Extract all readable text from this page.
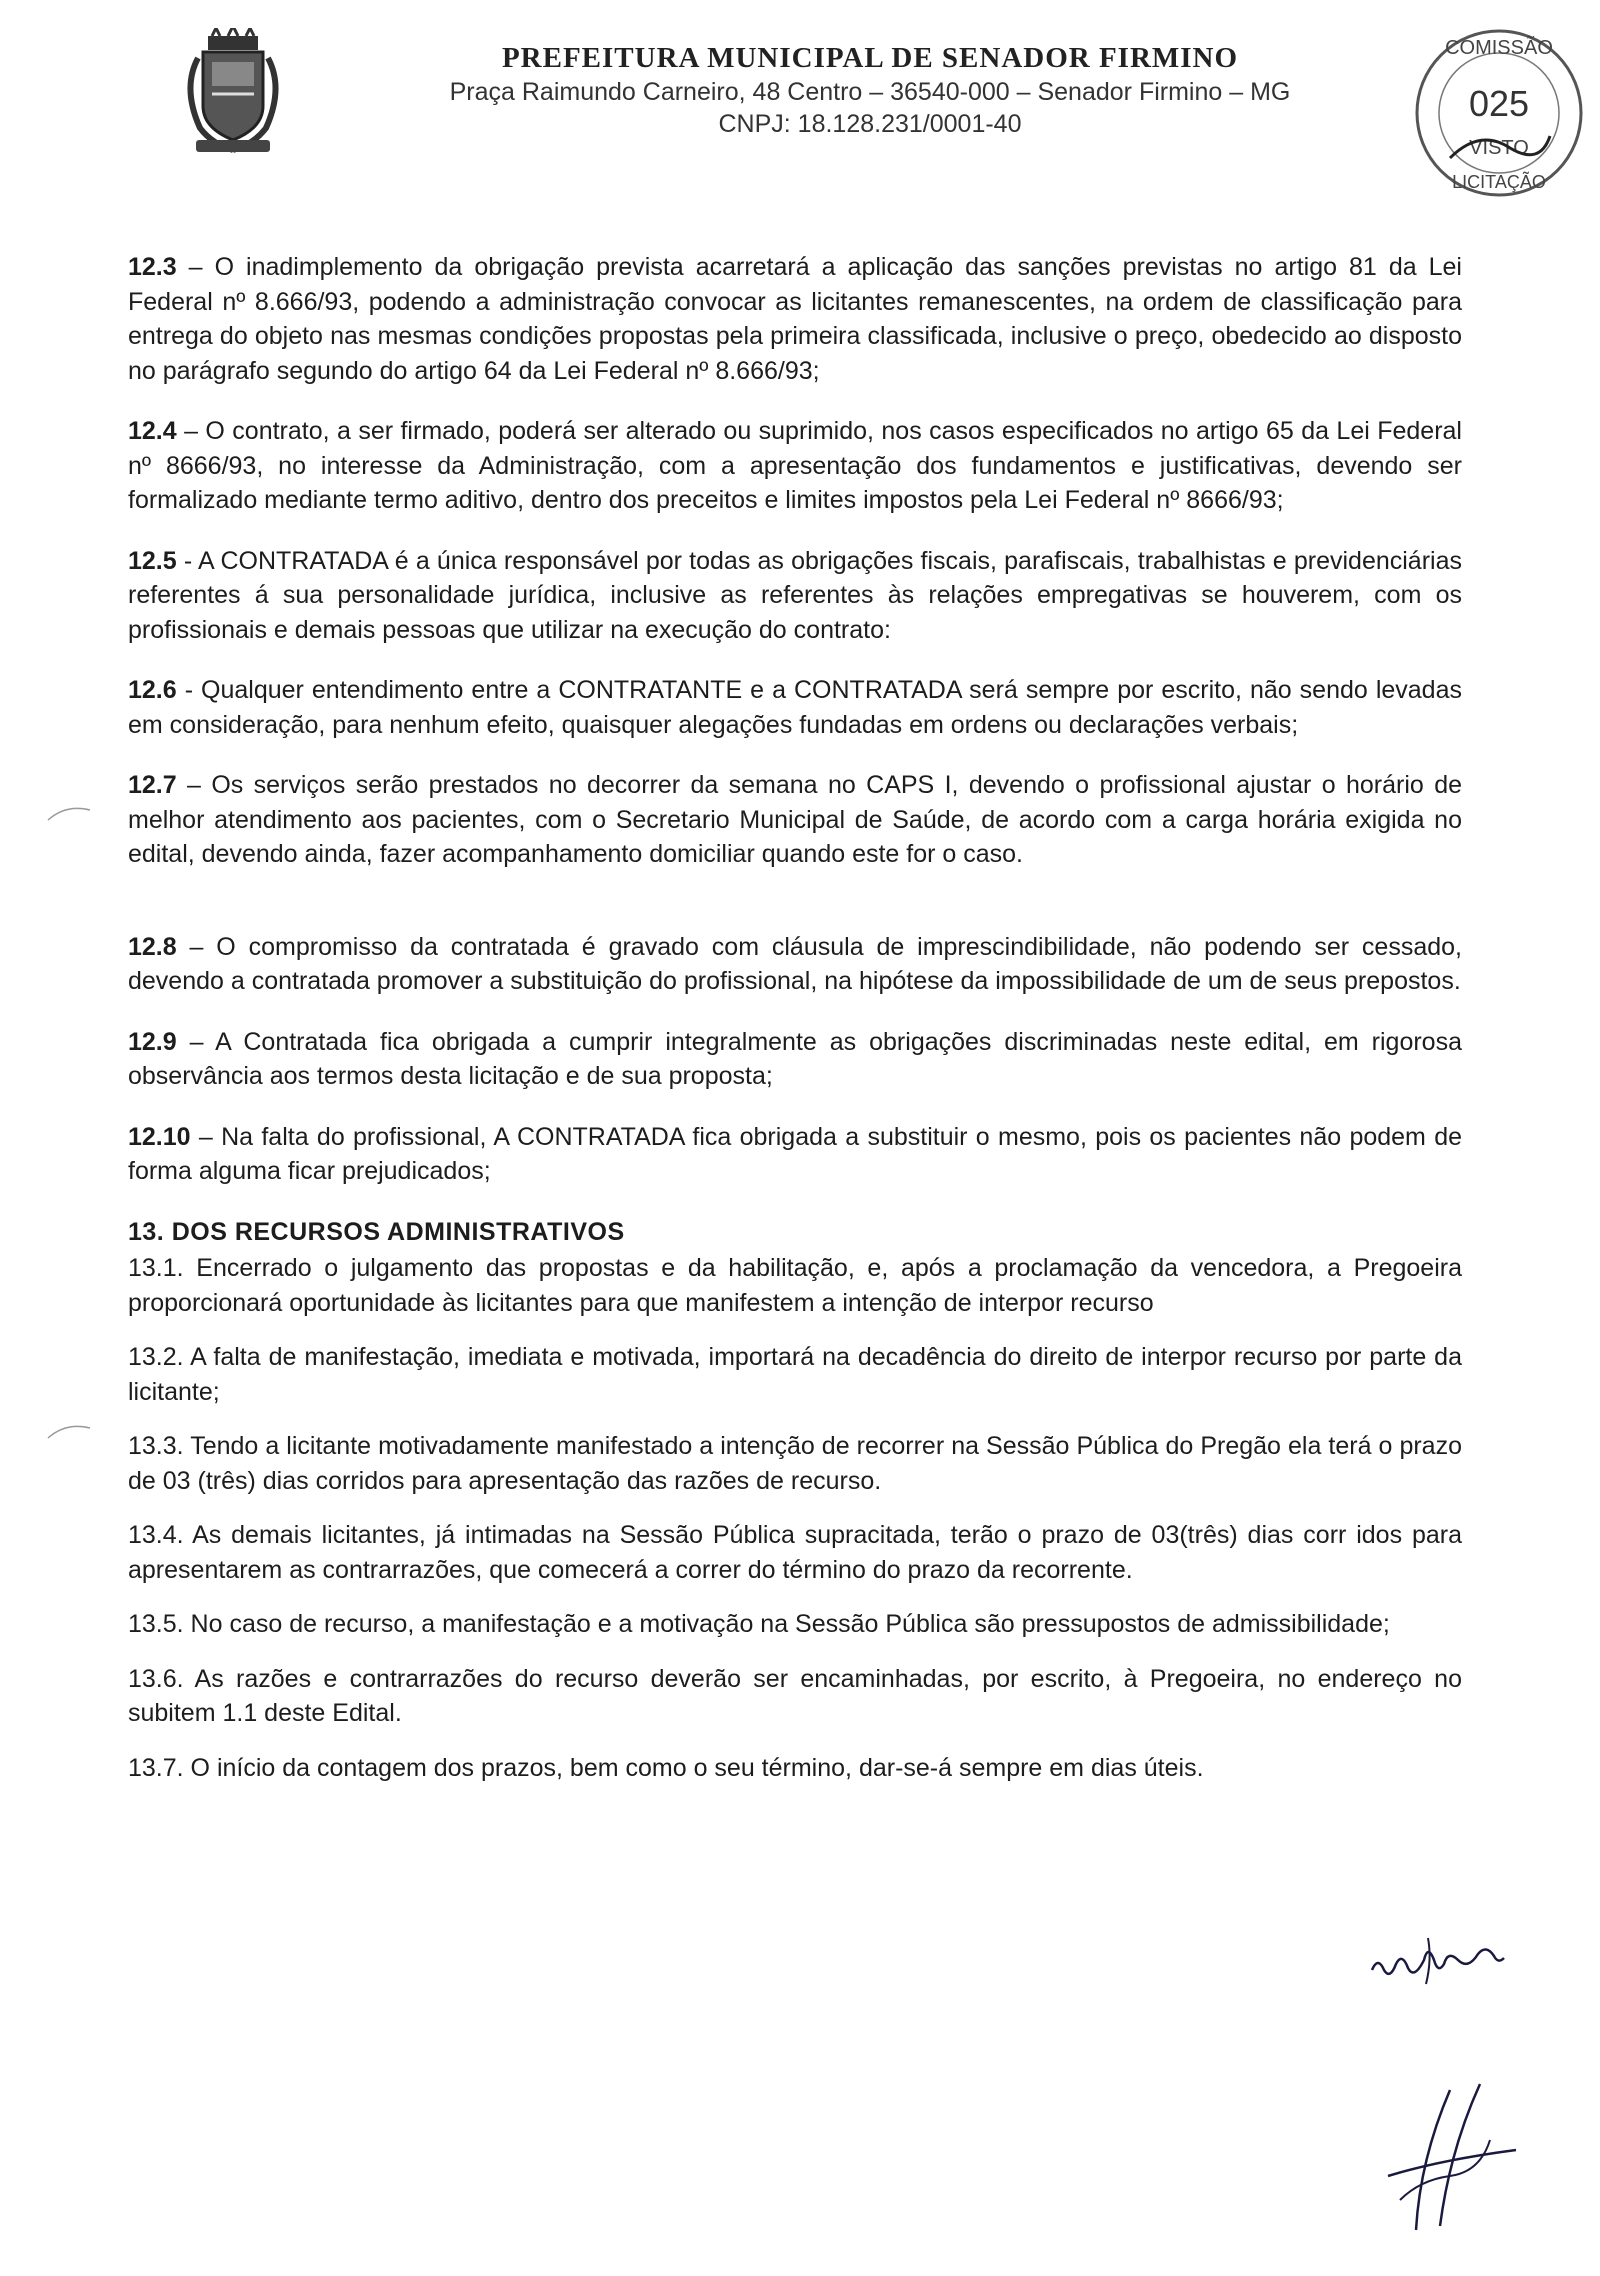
PREFEITURA MUNICIPAL DE SENADOR FIRMINO
Praça Raimundo Carneiro, 48 Centro – 36540-000 – Senador Firmino – MG
CNPJ: 18.128.231/0001-40
COMISSÃO
025
VISTO
LICITAÇÃO

12.3 – O inadimplemento da obrigação prevista acarretará a aplicação das sanções previstas no artigo 81 da Lei Federal nº 8.666/93, podendo a administração convocar as licitantes remanescentes, na ordem de classificação para entrega do objeto nas mesmas condições propostas pela primeira classificada, inclusive o preço, obedecido ao disposto no parágrafo segundo do artigo 64 da Lei Federal nº 8.666/93;

12.4 – O contrato, a ser firmado, poderá ser alterado ou suprimido, nos casos especificados no artigo 65 da Lei Federal nº 8666/93, no interesse da Administração, com a apresentação dos fundamentos e justificativas, devendo ser formalizado mediante termo aditivo, dentro dos preceitos e limites impostos pela Lei Federal nº 8666/93;

12.5 - A CONTRATADA é a única responsável por todas as obrigações fiscais, parafiscais, trabalhistas e previdenciárias referentes á sua personalidade jurídica, inclusive as referentes às relações empregativas se houverem, com os profissionais e demais pessoas que utilizar na execução do contrato:

12.6 - Qualquer entendimento entre a CONTRATANTE e a CONTRATADA será sempre por escrito, não sendo levadas em consideração, para nenhum efeito, quaisquer alegações fundadas em ordens ou declarações verbais;

12.7 – Os serviços serão prestados no decorrer da semana no CAPS I, devendo o profissional ajustar o horário de melhor atendimento aos pacientes, com o Secretario Municipal de Saúde, de acordo com a carga horária exigida no edital, devendo ainda, fazer acompanhamento domiciliar quando este for o caso.

12.8 – O compromisso da contratada é gravado com cláusula de imprescindibilidade, não podendo ser cessado, devendo a contratada promover a substituição do profissional, na hipótese da impossibilidade de um de seus prepostos.

12.9 – A Contratada fica obrigada a cumprir integralmente as obrigações discriminadas neste edital, em rigorosa observância aos termos desta licitação e de sua proposta;

12.10 – Na falta do profissional, A CONTRATADA fica obrigada a substituir o mesmo, pois os pacientes não podem de forma alguma ficar prejudicados;

13. DOS RECURSOS ADMINISTRATIVOS

13.1. Encerrado o julgamento das propostas e da habilitação, e, após a proclamação da vencedora, a Pregoeira proporcionará oportunidade às licitantes para que manifestem a intenção de interpor recurso

13.2. A falta de manifestação, imediata e motivada, importará na decadência do direito de interpor recurso por parte da licitante;

13.3. Tendo a licitante motivadamente manifestado a intenção de recorrer na Sessão Pública do Pregão ela terá o prazo de 03 (três) dias corridos para apresentação das razões de recurso.

13.4. As demais licitantes, já intimadas na Sessão Pública supracitada, terão o prazo de 03(três) dias corr idos para apresentarem as contrarrazões, que comecerá a correr do término do prazo da recorrente.

13.5. No caso de recurso, a manifestação e a motivação na Sessão Pública são pressupostos de admissibilidade;

13.6. As razões e contrarrazões do recurso deverão ser encaminhadas, por escrito, à Pregoeira, no endereço no subitem 1.1 deste Edital.

13.7. O início da contagem dos prazos, bem como o seu término, dar-se-á sempre em dias úteis.
